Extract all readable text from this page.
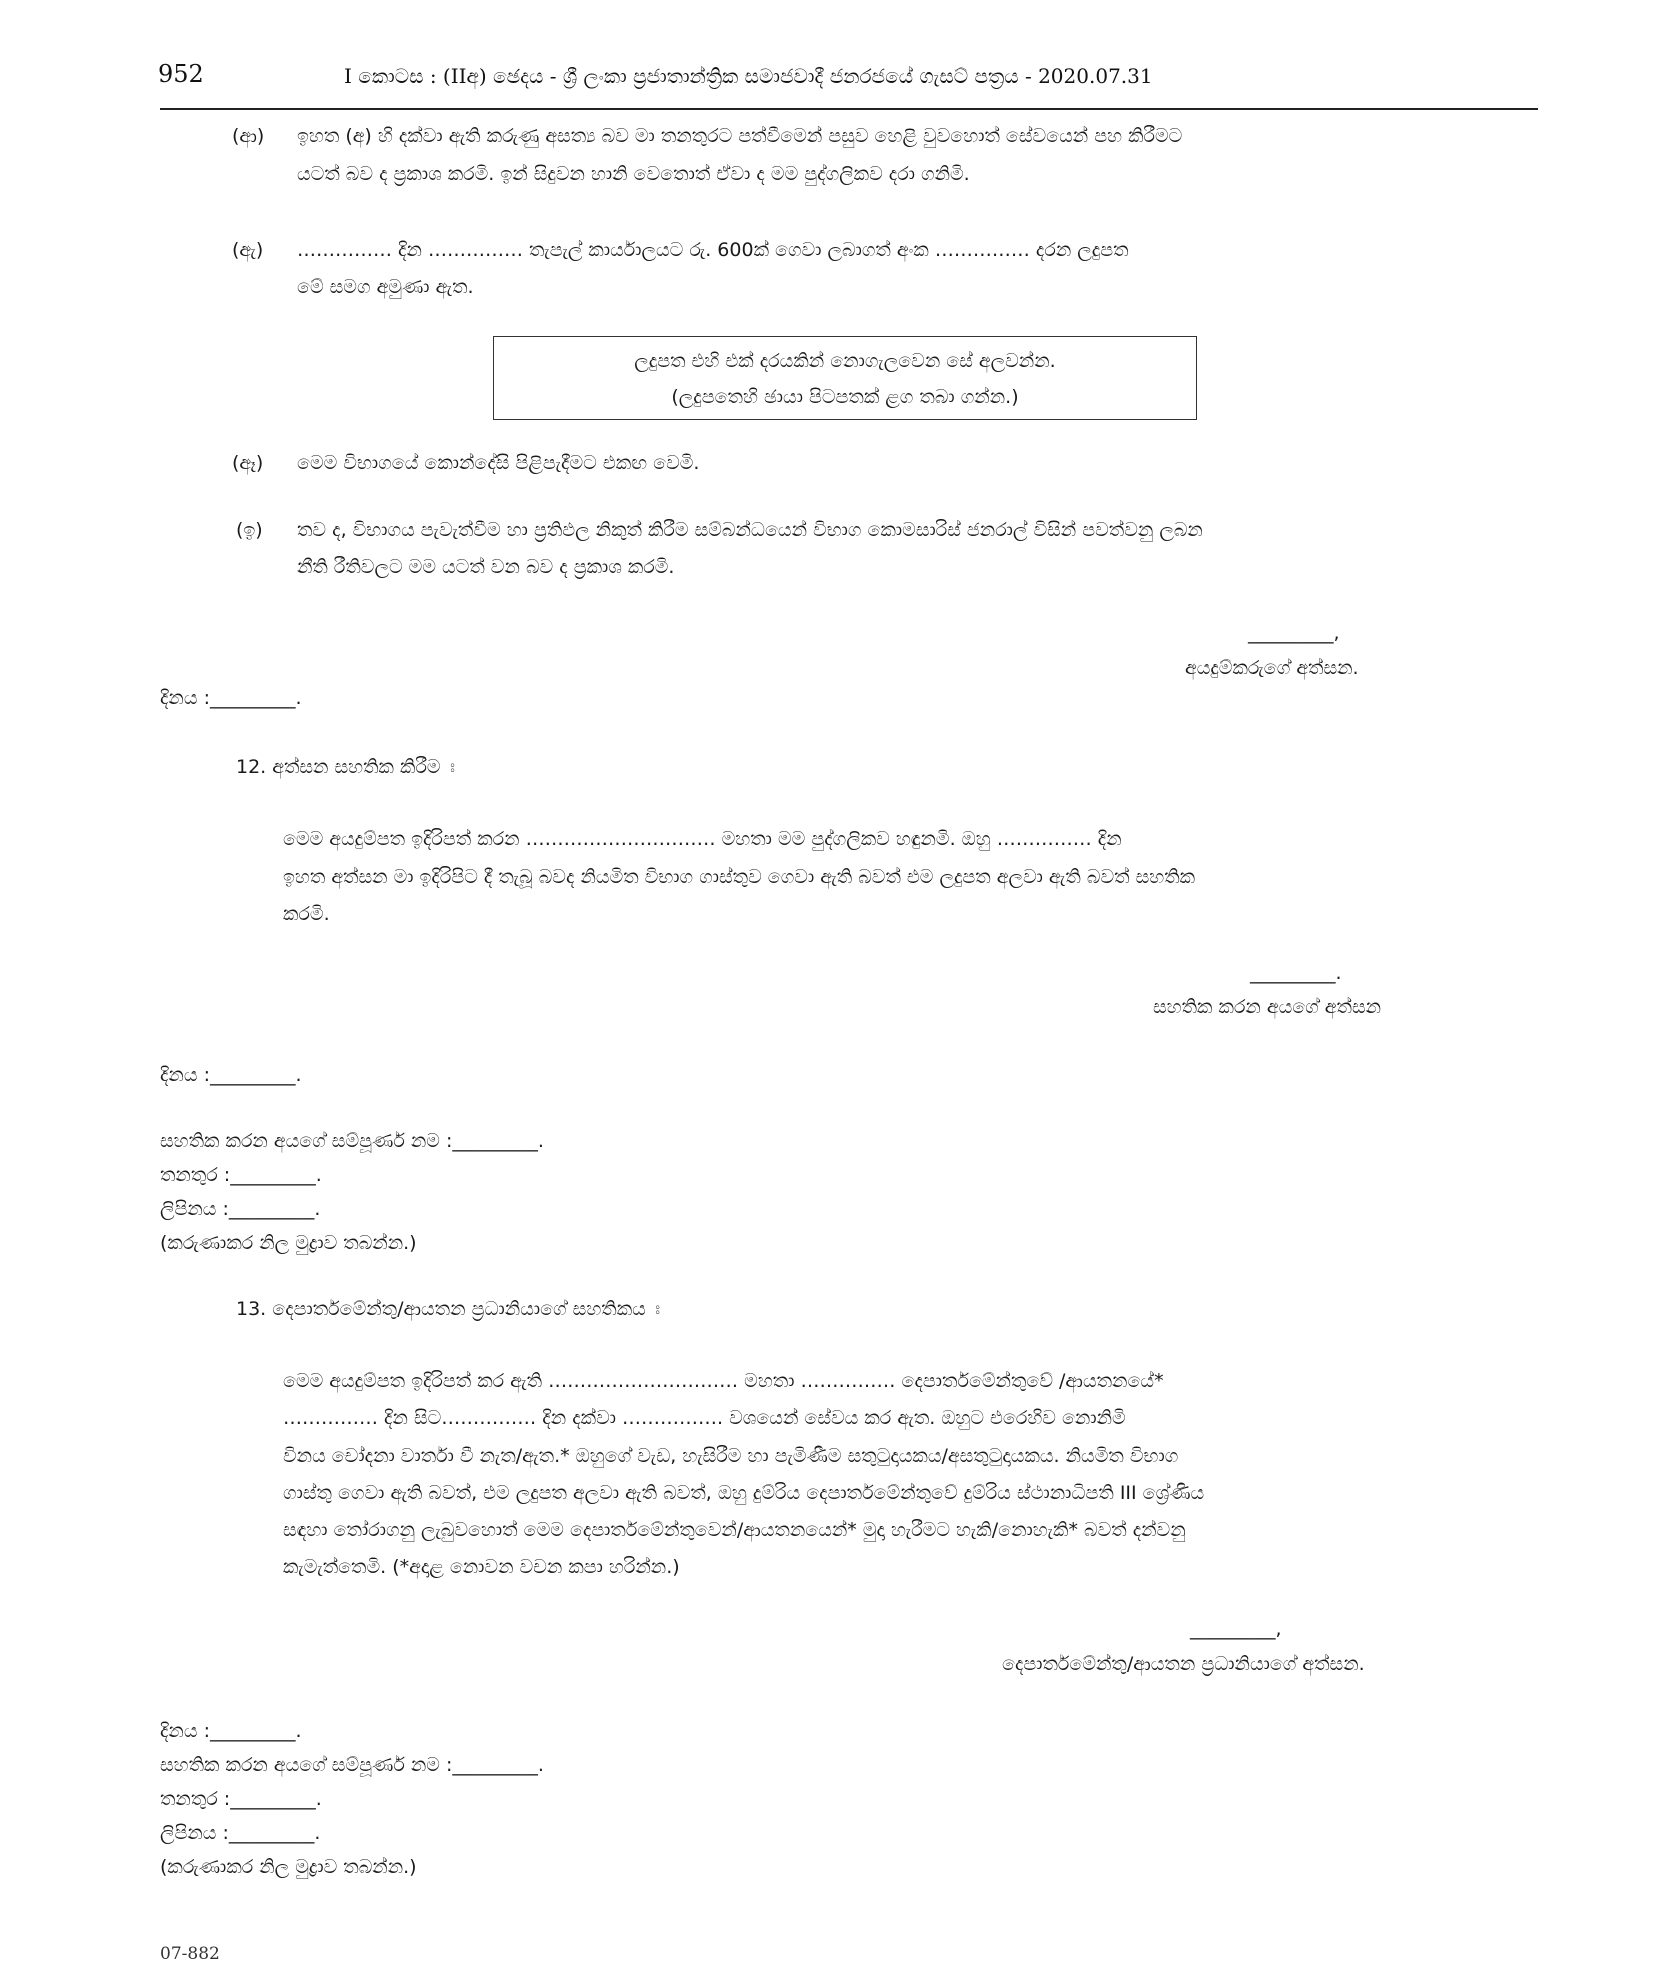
952	I කොටස : (IIඅ) ඡෙදය - ශ්‍රී ලංකා ප්‍රජාතාන්ත්‍රික සමාජවාදී ජනරජයේ ගැසට් පත්‍රය - 2020.07.31
(ආ) ඉහත (අ) හි දක්වා ඇති කරුණු අසත්‍ය බව මා තනතුරට පත්වීමෙන් පසුව හෙළි වුවහොත් සේවයෙන් පහ කිරීමට
යටත් බව ද ප්‍රකාශ කරමි. ඉන් සිදුවන හානි වෙතොත් ඒවා ද මම පුද්ගලිකව දරා ගනිමි.
(ඇ) …………… දින …………… තැපැල් කාර්යාලයට රු. 600ක් ගෙවා ලබාගත් අංක …………… දරන ලදුපත
මේ සමග අමුණා ඇත.
ලදුපත එහි එක් දරයකින් නොගැලවෙන සේ අලවන්න.
(ලදුපතෙහි ඡායා පිටපතක් ළග තබා ගන්න.)
(ඈ) මෙම විභාගයේ කොන්දේසි පිළිපැදීමට එකඟ වෙමි.
(ඉ) තව ද, විභාගය පැවැත්වීම හා ප්‍රතිඵල නිකුත් කිරීම සම්බන්ධයෙන් විභාග කොමසාරිස් ජනරාල් විසින් පවත්වනු ලබන
නීති රීතිවලට මම යටත් වන බව ද ප්‍රකාශ කරමි.
_________,
අයදුම්කරුගේ අත්සන.
දිනය :_________.
12. අත්සන සහතික කිරීම ඃ
මෙම අයදුම්පත ඉදිරිපත් කරන ………………………… මහතා මම පුද්ගලිකව හඳුනමි. ඔහු …………… දින
ඉහත අත්සන මා ඉදිරිපිට දී තැබූ බවද නියමිත විභාග ගාස්තුව ගෙවා ඇති බවත් එම ලදුපත අලවා ඇති බවත් සහතික
කරමි.
_________.
සහතික කරන අයගේ අත්සන
දිනය :_________.
සහතික කරන අයගේ සම්පූර්ණ නම :_________.
තනතුර :_________.
ලිපිනය :_________.
(කරුණාකර නිල මුද්‍රාව තබන්න.)
13. දෙපාර්තමේන්තු/ආයතන ප්‍රධානියාගේ සහතිකය ඃ
මෙම අයදුම්පත ඉදිරිපත් කර ඇති ………………………… මහතා …………… දෙපාර්තමේන්තුවේ /ආයතනයේ*
…………… දින සිට…………… දින දක්වා ……………. වශයෙන් සේවය කර ඇත. ඔහුට එරෙහිව නොනිමි
විනය චෝදනා වාර්තා වී නැත/ඇත.* ඔහුගේ වැඩ, හැසිරීම හා පැමිණීම සතුටුදායකය/අසතුටුදායකය. නියමිත විභාග
ගාස්තු ගෙවා ඇති බවත්, එම ලදුපත අලවා ඇති බවත්, ඔහු දුම්රිය දෙපාර්තමේන්තුවේ දුම්රිය ස්ථානාධිපති III ශ්‍රේණිය
සඳහා තෝරාගනු ලැබුවහොත් මෙම දෙපාර්තමේන්තුවෙන්/ආයතනයෙන්* මුදා හැරීමට හැකි/නොහැකි* බවත් දන්වනු
කැමැත්තෙමි. (*අදාළ නොවන වචන කපා හරින්න.)
_________,
දෙපාර්තමේන්තු/ආයතන ප්‍රධානියාගේ අත්සන.
දිනය :_________.
සහතික කරන අයගේ සම්පූර්ණ නම :_________.
තනතුර :_________.
ලිපිනය :_________.
(කරුණාකර නිල මුද්‍රාව තබන්න.)
07-882
